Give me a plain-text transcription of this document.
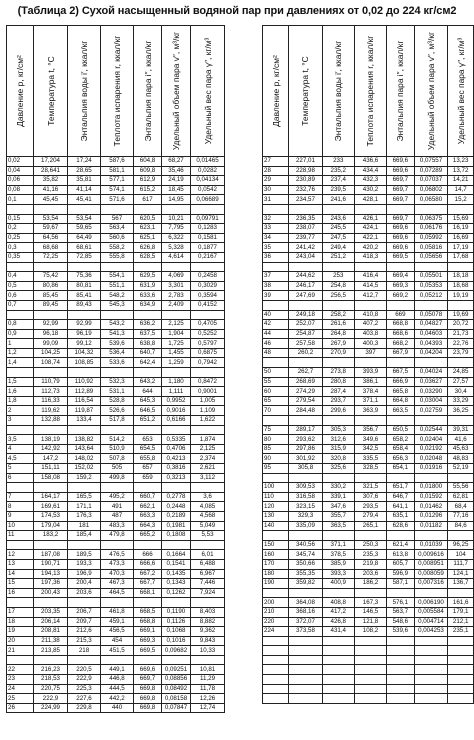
(Таблица 2) Сухой насыщенный водяной пар при давлениях от 0,02 до 224 кг/см2
Давление р, кг/см²	Температура t, °C	Энтальпия воды i′, ккал/кг	Теплота испарения r, ккал/кг	Энтальпия пара i″, ккал/кг	Удельный объем пара v″, м³/кг	Удельный вес пара γ″, кг/м³

0,02	17,204	17,24	587,6	604,8	68,27	0,01465
0,04	28,641	28,65	581,1	609,8	35,46	0,0282
0,06	35,82	35,81	577,1	612,9	24,19	0,04134
0,08	41,16	41,14	574,1	615,2	18,45	0,0542
0,1	45,45	45,41	571,6	617	14,95	0,06689

0,15	53,54	53,54	567	620,5	10,21	0,09791
0,2	59,67	59,65	563,4	623,1	7,795	0,1283
0,25	64,56	64,49	560,6	625,1	6,322	0,1581
0,3	68,68	68,61	558,2	626,8	5,328	0,1877
0,35	72,25	72,85	555,8	628,5	4,614	0,2167

0,4	75,42	75,36	554,1	629,5	4,069	0,2458
0,5	80,86	80,81	551,1	631,9	3,301	0,3029
0,6	85,45	85,41	548,2	633,6	2,783	0,3594
0,7	89,45	89,43	545,3	634,9	2,409	0,4152

0,8	92,99	92,99	543,2	636,2	2,125	0,4705
0,9	96,18	96,19	541,3	637,5	1,904	0,5252
1	99,09	99,12	539,6	638,8	1,725	0,5797
1,2	104,25	104,32	536,4	640,7	1,455	0,6875
1,4	108,74	108,85	533,6	642,4	1,259	0,7942

1,5	110,79	110,92	532,3	643,2	1,180	0,8472
1,6	112,73	112,89	531,1	644	1,111	0,9001
1,8	116,33	116,54	528,8	645,3	0,9952	1,005
2	119,62	119,87	526,6	646,5	0,9016	1,109
3	132,88	133,4	517,8	651,2	0,6166	1,622

3,5	138,19	138,82	514,2	653	0,5335	1,874
4	142,92	143,64	510,9	654,5	0,4706	2,125
4,5	147,2	148,02	507,8	655,8	0,4213	2,374
5	151,11	152,02	505	657	0,3816	2,621
6	158,08	159,2	499,8	659	0,3213	3,112

7	164,17	165,5	495,2	660,7	0,2778	3,6
8	169,61	171,1	491	662,1	0,2448	4,085
9	174,53	176,3	487	663,3	0,2189	4,568
10	179,04	181	483,3	664,3	0,1981	5,049
11	183,2	185,4	479,8	665,2	0,1808	5,53

12	187,08	189,5	476,5	666	0,1664	6,01
13	190,71	193,3	473,3	666,6	0,1541	6,488
14	194,13	196,9	470,3	667,2	0,1435	6,967
15	197,36	200,4	467,3	667,7	0,1343	7,446
16	200,43	203,6	464,5	668,1	0,1262	7,924

17	203,35	206,7	461,8	668,5	0,1190	8,403
18	206,14	209,7	459,1	668,8	0,1126	8,882
19	208,81	212,6	456,5	669,1	0,1068	9,362
20	211,38	215,3	454	669,3	0,1016	9,843
21	213,85	218	451,5	669,5	0,09682	10,33

22	216,23	220,5	449,1	669,6	0,09251	10,81
23	218,53	222,9	446,8	669,7	0,08856	11,29
24	220,75	225,3	444,5	669,8	0,08492	11,78
25	222,9	227,6	442,2	669,8	0,08158	12,26
26	224,99	229,8	440	669,8	0,07847	12,74
Давление р, кг/см²	Температура t, °C	Энтальпия воды i′, ккал/кг	Теплота испарения r, ккал/кг	Энтальпия пара i″, ккал/кг	Удельный объем пара v″, м³/кг	Удельный вес пара γ″, кг/м³

27	227,01	233	436,6	669,6	0,07557	13,23
28	228,98	235,2	434,4	669,6	0,07289	13,72
29	230,89	237,4	432,3	669,7	0,07037	14,21
30	232,76	239,5	430,2	669,7	0,06802	14,7
31	234,57	241,6	428,1	669,7	0,06580	15,2

32	236,35	243,6	426,1	669,7	0,06375	15,69
33	238,07	245,5	424,1	669,6	0,06176	16,19
34	239,77	247,5	422,1	669,6	0,05992	16,69
35	241,42	249,4	420,2	669,6	0,05816	17,19
36	243,04	251,2	418,3	669,5	0,05656	17,68

37	244,62	253	416,4	669,4	0,05501	18,18
38	246,17	254,8	414,5	669,3	0,05353	18,68
39	247,69	256,5	412,7	669,2	0,05212	19,19

40	249,18	258,2	410,8	669	0,05078	19,69
42	252,07	261,6	407,2	668,8	0,04827	20,72
44	254,87	264,8	403,8	668,6	0,04603	21,73
46	257,58	267,9	400,3	668,2	0,04393	22,76
48	260,2	270,9	397	667,9	0,04204	23,79

50	262,7	273,8	393,9	667,5	0,04024	24,85
55	268,69	280,8	386,1	666,9	0,03627	27,57
60	274,29	287,4	378,4	665,8	0,03290	30,4
65	279,54	293,7	371,1	664,8	0,03004	33,29
70	284,48	299,6	363,9	663,5	0,02759	36,25

75	289,17	305,3	356,7	650,5	0,02544	39,31
80	293,62	312,6	349,6	658,2	0,02404	41,6
85	297,86	315,9	342,5	658,4	0,02192	45,63
90	301,92	320,8	335,5	656,3	0,02048	48,83
95	305,8	325,6	328,5	654,1	0,01916	52,19

100	309,53	330,2	321,5	651,7	0,01800	55,56
110	316,58	339,1	307,6	646,7	0,01592	62,81
120	323,15	347,6	293,5	641,1	0,01462	68,4
130	329,3	355,7	279,4	635,1	0,01296	77,16
140	335,09	363,5	265,1	628,6	0,01182	84,6

150	340,56	371,1	250,3	621,4	0,01039	96,25
160	345,74	378,5	235,3	613,8	0,009616	104
170	350,66	385,9	219,8	605,7	0,008951	111,7
180	355,35	393,3	203,6	596,9	0,008059	124,1
190	359,82	400,9	186,2	587,1	0,007316	136,7

200	364,08	408,8	167,3	576,1	0,006190	161,6
210	368,16	417,2	146,5	563,7	0,005584	179,1
220	372,07	426,8	121,8	548,6	0,004714	212,1
224	373,58	431,4	108,2	539,6	0,004253	235,1
